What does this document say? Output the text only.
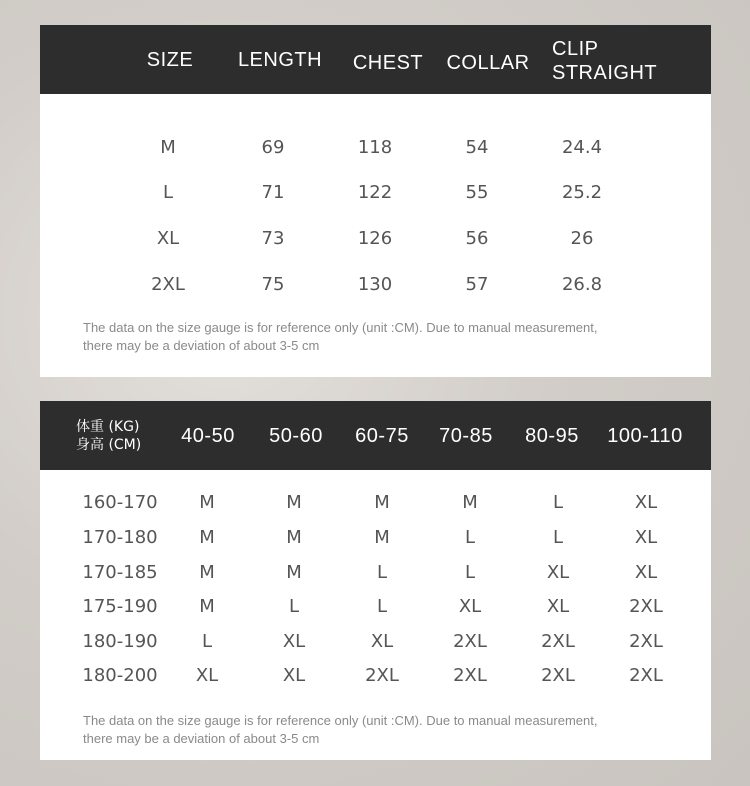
SIZE	LENGTH	CHEST	COLLAR
CLIP
STRAIGHT
M	69	118	54	24.4
L	71	122	55	25.2
XL	73	126	56	26
2XL	75	130	57	26.8
The data on the size gauge is for reference only (unit :CM). Due to manual measurement,
there may be a deviation of about 3-5 cm
体重 (KG)
身高 (CM)	40-50	50-60	60-75	70-85	80-95	100-110
160-170	M	M	M	M	L	XL
170-180	M	M	M	L	L	XL
170-185	M	M	L	L	XL	XL
175-190	M	L	L	XL	XL	2XL
180-190	L	XL	XL	2XL	2XL	2XL
180-200	XL	XL	2XL	2XL	2XL	2XL
The data on the size gauge is for reference only (unit :CM). Due to manual measurement,
there may be a deviation of about 3-5 cm
